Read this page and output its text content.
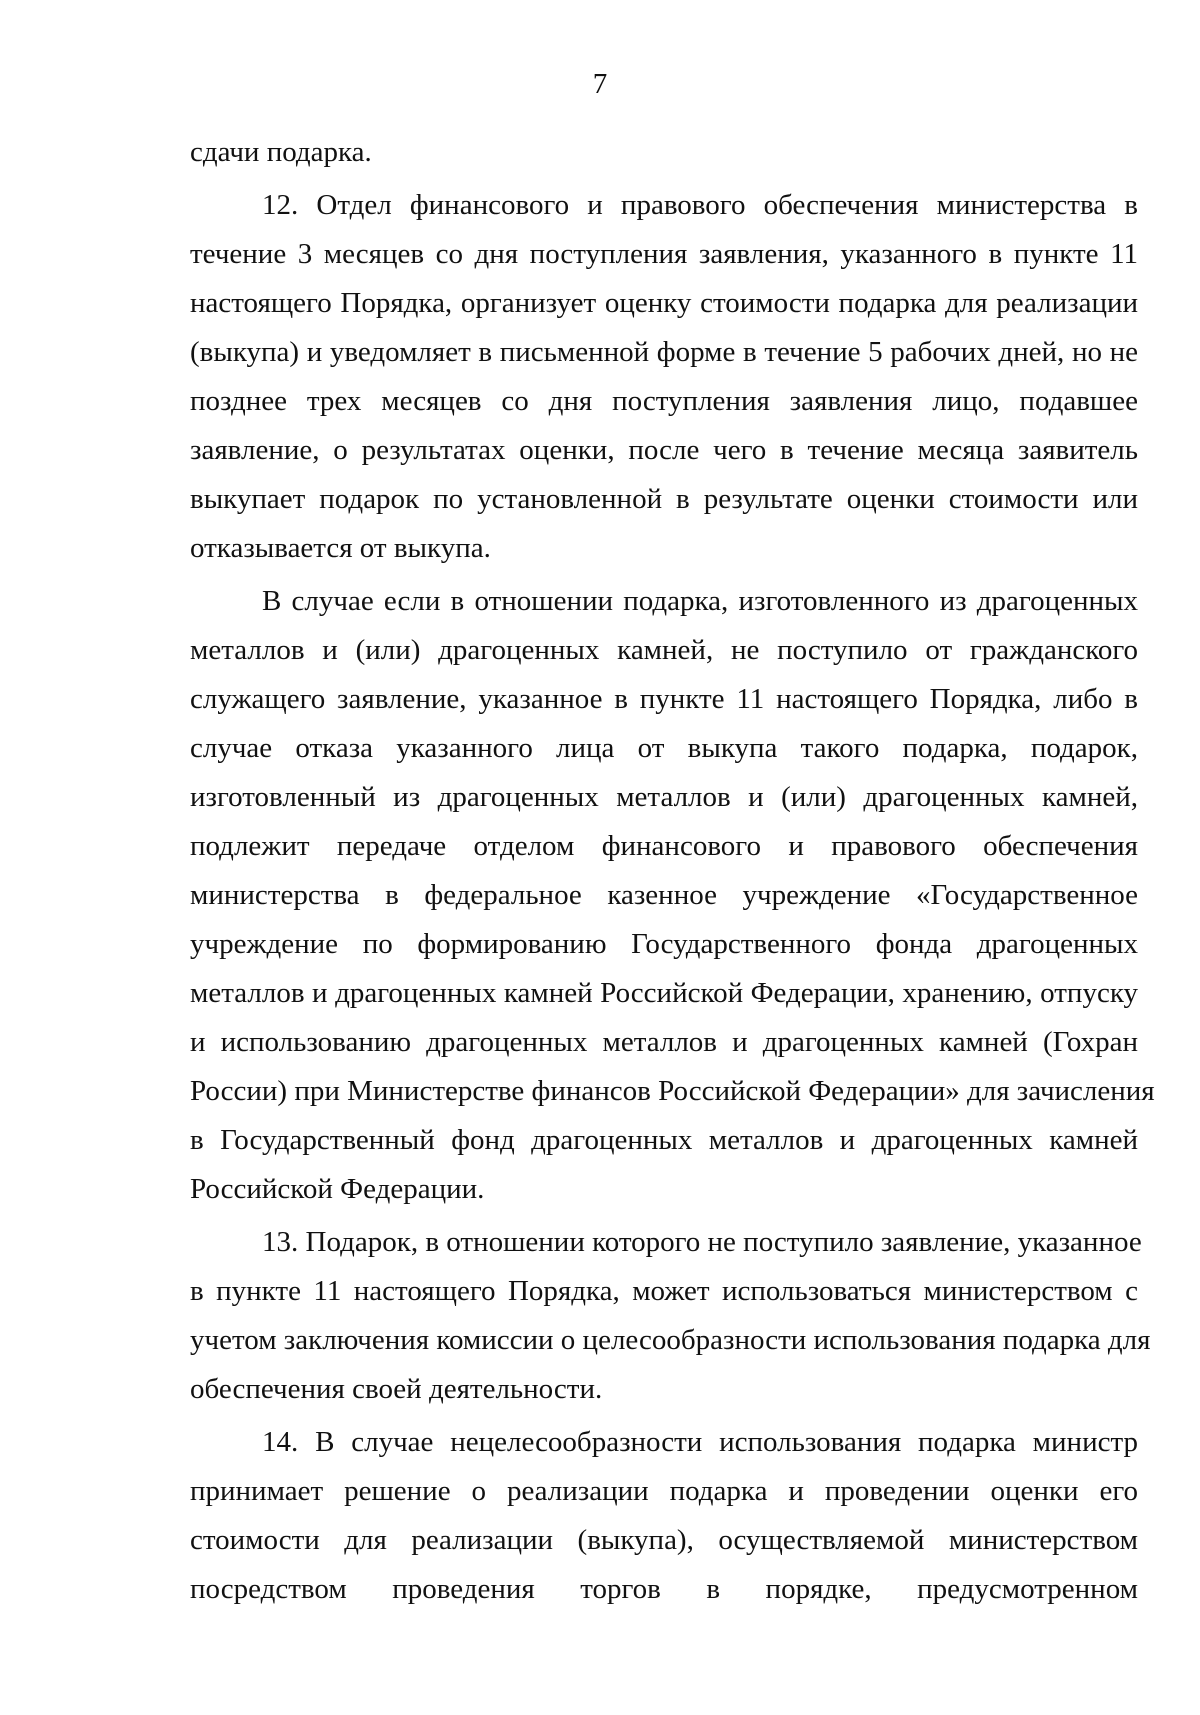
7
сдачи подарка.
12. Отдел финансового и правового обеспечения министерства в
течение 3 месяцев со дня поступления заявления, указанного в пункте 11
настоящего Порядка, организует оценку стоимости подарка для реализации
(выкупа) и уведомляет в письменной форме в течение 5 рабочих дней, но не
позднее трех месяцев со дня поступления заявления лицо, подавшее
заявление, о результатах оценки, после чего в течение месяца заявитель
выкупает подарок по установленной в результате оценки стоимости или
отказывается от выкупа.
В случае если в отношении подарка, изготовленного из драгоценных
металлов и (или) драгоценных камней, не поступило от гражданского
служащего заявление, указанное в пункте 11 настоящего Порядка, либо в
случае отказа указанного лица от выкупа такого подарка, подарок,
изготовленный из драгоценных металлов и (или) драгоценных камней,
подлежит передаче отделом финансового и правового обеспечения
министерства в федеральное казенное учреждение «Государственное
учреждение по формированию Государственного фонда драгоценных
металлов и драгоценных камней Российской Федерации, хранению, отпуску
и использованию драгоценных металлов и драгоценных камней (Гохран
России) при Министерстве финансов Российской Федерации» для зачисления
в Государственный фонд драгоценных металлов и драгоценных камней
Российской Федерации.
13. Подарок, в отношении которого не поступило заявление, указанное
в пункте 11 настоящего Порядка, может использоваться министерством с
учетом заключения комиссии о целесообразности использования подарка для
обеспечения своей деятельности.
14. В случае нецелесообразности использования подарка министр
принимает решение о реализации подарка и проведении оценки его
стоимости для реализации (выкупа), осуществляемой министерством
посредством проведения торгов в порядке, предусмотренном
